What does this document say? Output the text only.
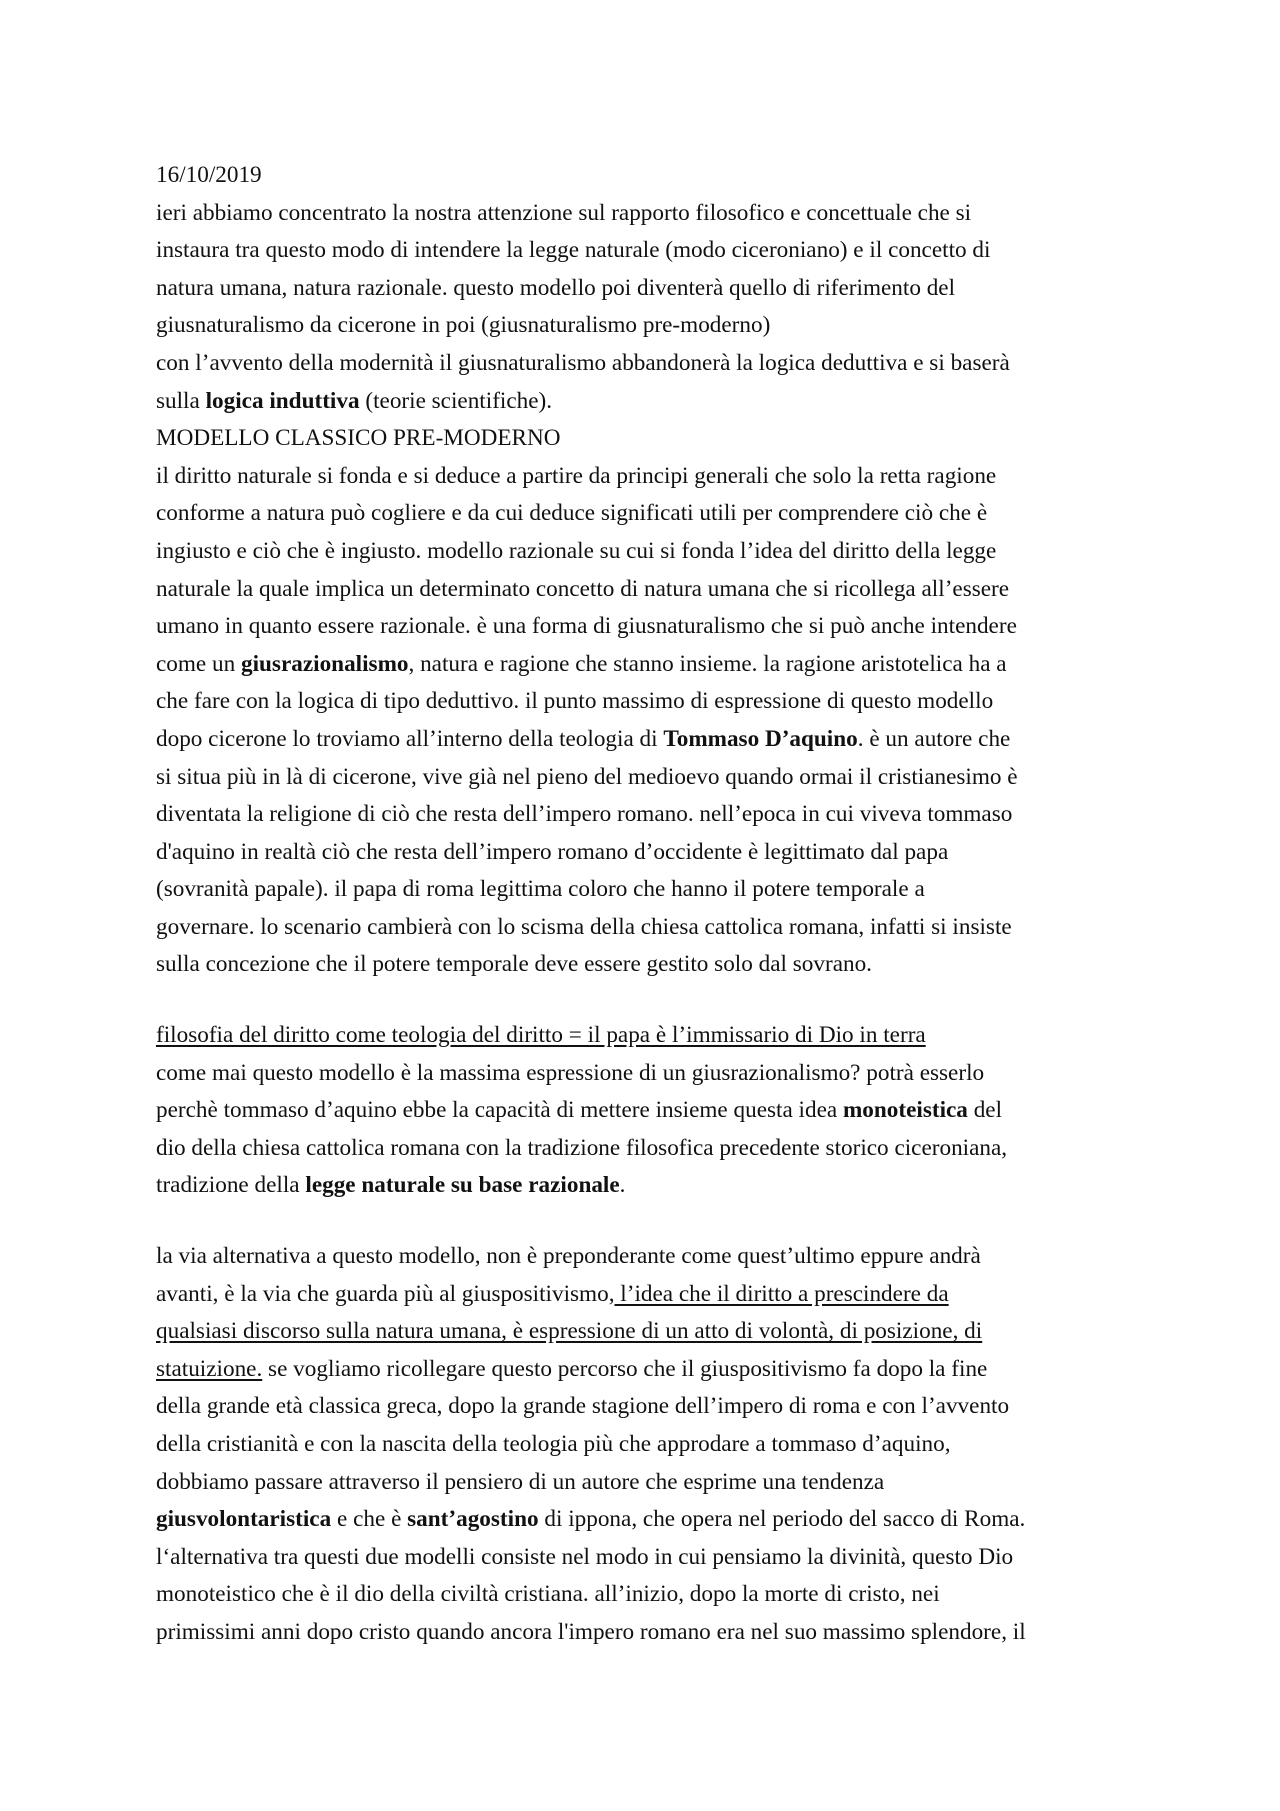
16/10/2019
ieri abbiamo concentrato la nostra attenzione sul rapporto filosofico e concettuale che si
instaura tra questo modo di intendere la legge naturale (modo ciceroniano) e il concetto di
natura umana, natura razionale. questo modello poi diventerà quello di riferimento del
giusnaturalismo da cicerone in poi (giusnaturalismo pre-moderno)
con l’avvento della modernità il giusnaturalismo abbandonerà la logica deduttiva e si baserà
sulla logica induttiva (teorie scientifiche).
MODELLO CLASSICO PRE-MODERNO
il diritto naturale si fonda e si deduce a partire da principi generali che solo la retta ragione
conforme a natura può cogliere e da cui deduce significati utili per comprendere ciò che è
ingiusto e ciò che è ingiusto. modello razionale su cui si fonda l’idea del diritto della legge
naturale la quale implica un determinato concetto di natura umana che si ricollega all’essere
umano in quanto essere razionale. è una forma di giusnaturalismo che si può anche intendere
come un giusrazionalismo, natura e ragione che stanno insieme. la ragione aristotelica ha a
che fare con la logica di tipo deduttivo. il punto massimo di espressione di questo modello
dopo cicerone lo troviamo all’interno della teologia di Tommaso D’aquino. è un autore che
si situa più in là di cicerone, vive già nel pieno del medioevo quando ormai il cristianesimo è
diventata la religione di ciò che resta dell’impero romano. nell’epoca in cui viveva tommaso
d'aquino in realtà ciò che resta dell’impero romano d’occidente è legittimato dal papa
(sovranità papale). il papa di roma legittima coloro che hanno il potere temporale a
governare. lo scenario cambierà con lo scisma della chiesa cattolica romana, infatti si insiste
sulla concezione che il potere temporale deve essere gestito solo dal sovrano.
filosofia del diritto come teologia del diritto = il papa è l’immissario di Dio in terra
come mai questo modello è la massima espressione di un giusrazionalismo? potrà esserlo
perchè tommaso d’aquino ebbe la capacità di mettere insieme questa idea monoteistica del
dio della chiesa cattolica romana con la tradizione filosofica precedente storico ciceroniana,
tradizione della legge naturale su base razionale.
la via alternativa a questo modello, non è preponderante come quest’ultimo eppure andrà
avanti, è la via che guarda più al giuspositivismo, l’idea che il diritto a prescindere da
qualsiasi discorso sulla natura umana, è espressione di un atto di volontà, di posizione, di
statuizione. se vogliamo ricollegare questo percorso che il giuspositivismo fa dopo la fine
della grande età classica greca, dopo la grande stagione dell’impero di roma e con l’avvento
della cristianità e con la nascita della teologia più che approdare a tommaso d’aquino,
dobbiamo passare attraverso il pensiero di un autore che esprime una tendenza
giusvolontaristica e che è sant’agostino di ippona, che opera nel periodo del sacco di Roma.
l‘alternativa tra questi due modelli consiste nel modo in cui pensiamo la divinità, questo Dio
monoteistico che è il dio della civiltà cristiana. all’inizio, dopo la morte di cristo, nei
primissimi anni dopo cristo quando ancora l'impero romano era nel suo massimo splendore, il
